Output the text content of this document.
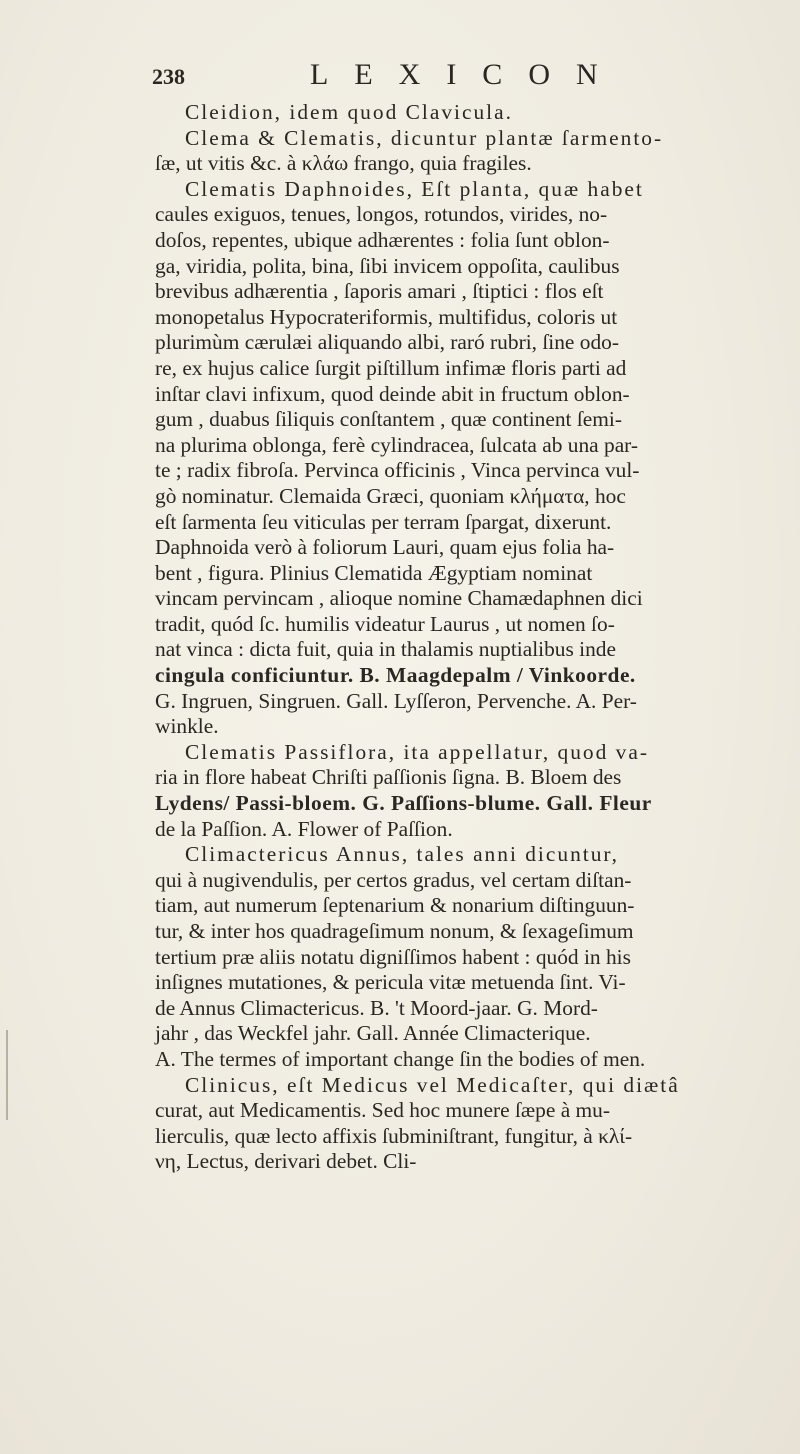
238	LEXICON
Cleidion, idem quod Clavicula.
Clema & Clematis, dicuntur plantæ ſarmento-
ſæ, ut vitis &c. à κλάω frango, quia fragiles.
Clematis Daphnoides, Eſt planta, quæ habet
caules exiguos, tenues, longos, rotundos, virides, no-
doſos, repentes, ubique adhærentes : folia ſunt oblon-
ga, viridia, polita, bina, ſibi invicem oppoſita, caulibus
brevibus adhærentia , ſaporis amari , ſtiptici : flos eſt
monopetalus Hypocrateriformis, multifidus, coloris ut
plurimùm cærulæi aliquando albi, raró rubri, ſine odo-
re, ex hujus calice ſurgit piſtillum infimæ floris parti ad
inſtar clavi infixum, quod deinde abit in fructum oblon-
gum , duabus ſiliquis conſtantem , quæ continent ſemi-
na plurima oblonga, ferè cylindracea, ſulcata ab una par-
te ; radix fibroſa. Pervinca officinis , Vinca pervinca vul-
gò nominatur. Clemaida Græci, quoniam κλήματα, hoc
eſt ſarmenta ſeu viticulas per terram ſpargat, dixerunt.
Daphnoida verò à foliorum Lauri, quam ejus folia ha-
bent , figura. Plinius Clematida Ægyptiam nominat
vincam pervincam , alioque nomine Chamædaphnen dici
tradit, quód ſc. humilis videatur Laurus , ut nomen ſo-
nat vinca : dicta fuit, quia in thalamis nuptialibus inde
cingula conficiuntur. B. Maagdepalm / Vinkoorde.
G. Ingruen, Singruen. Gall. Lyſſeron, Pervenche. A. Per-
winkle.
Clematis Passiflora, ita appellatur, quod va-
ria in flore habeat Chriſti paſſionis ſigna. B. Bloem des
Lydens/ Passi-bloem. G. Paſſions-blume. Gall. Fleur
de la Paſſion. A. Flower of Paſſion.
Climactericus Annus, tales anni dicuntur,
qui à nugivendulis, per certos gradus, vel certam diſtan-
tiam, aut numerum ſeptenarium & nonarium diſtinguun-
tur, & inter hos quadrageſimum nonum, & ſexageſimum
tertium præ aliis notatu digniſſimos habent : quód in his
inſignes mutationes, & pericula vitæ metuenda ſint. Vi-
de Annus Climactericus. B. 't Moord-jaar. G. Mord-
jahr , das Weckfel jahr. Gall. Année Climacterique.
A. The termes of important change ſin the bodies of men.
Clinicus, eſt Medicus vel Medicaſter, qui diætâ
curat, aut Medicamentis. Sed hoc munere ſæpe à mu-
lierculis, quæ lecto affixis ſubminiſtrant, fungitur, à κλί-
νη, Lectus, derivari debet. Cli-
